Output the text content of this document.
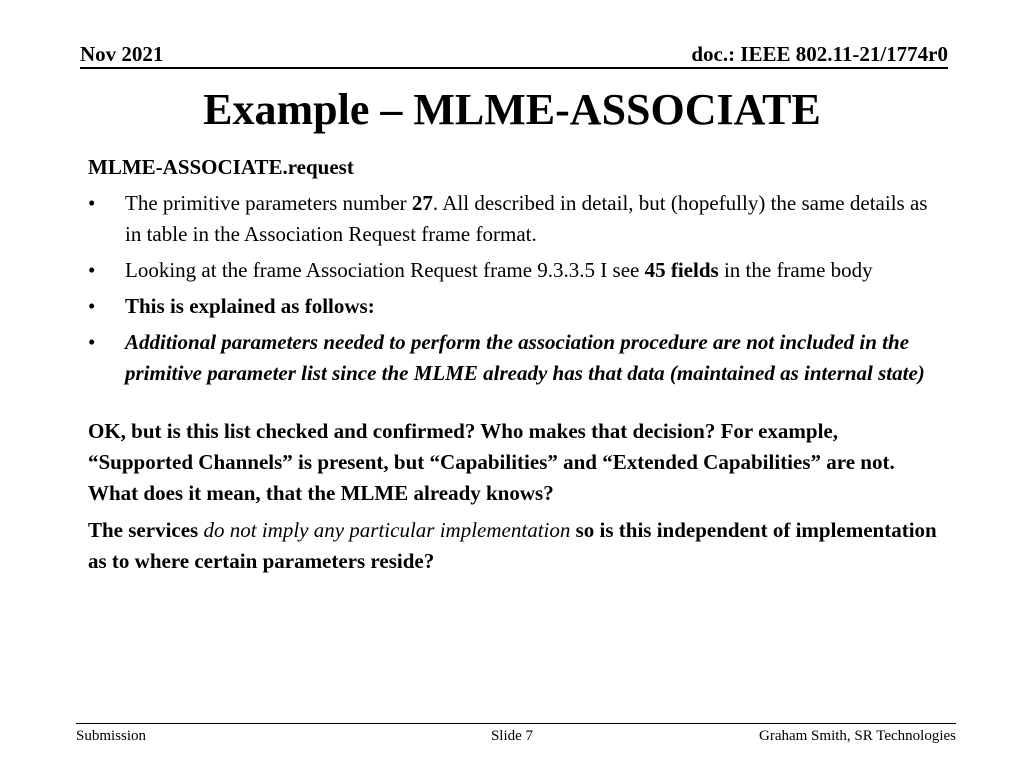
Nov 2021	doc.: IEEE 802.11-21/1774r0
Example – MLME-ASSOCIATE
MLME-ASSOCIATE.request
• The primitive parameters number 27. All described in detail, but (hopefully) the same details as in table in the Association Request frame format.
• Looking at the frame Association Request frame 9.3.3.5 I see 45 fields in the frame body
• This is explained as follows:
• Additional parameters needed to perform the association procedure are not included in the primitive parameter list since the MLME already has that data (maintained as internal state)
OK, but is this list checked and confirmed? Who makes that decision? For example, “Supported Channels” is present, but “Capabilities” and “Extended Capabilities” are not. What does it mean, that the MLME already knows?
The services do not imply any particular implementation so is this independent of implementation as to where certain parameters reside?
Submission	Slide 7	Graham Smith, SR Technologies
